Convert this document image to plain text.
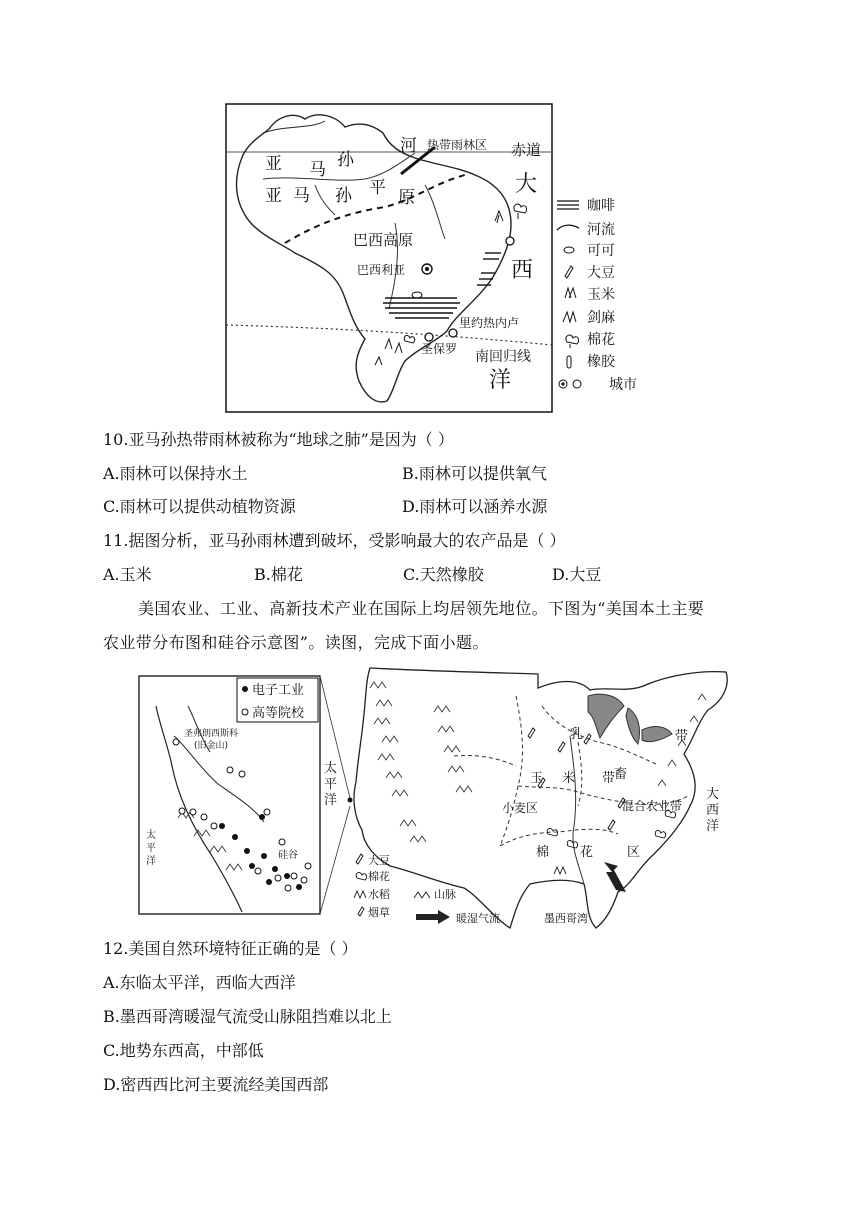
热带雨林区 赤道
亚 马 孙
河
亚 马 孙 平 原
巴西高原
巴西利亚
里约热内卢
圣保罗 南回归线
大
西
洋
咖啡
河流
可可
大豆
玉米
剑麻
棉花
橡胶
城市
10.亚马孙热带雨林被称为“地球之肺”是因为（ ）
A.雨林可以保持水土	B.雨林可以提供氧气
C.雨林可以提供动植物资源	D.雨林可以涵养水源
11.据图分析，亚马孙雨林遭到破坏，受影响最大的农产品是（ ）
A.玉米	B.棉花	C.天然橡胶	D.大豆
美国农业、工业、高新技术产业在国际上均居领先地位。下图为“美国本土主要
农业带分布图和硅谷示意图”。读图，完成下面小题。
电子工业
高等院校
圣弗朗西斯科
(旧金山)
硅谷
太
平
洋
太
平
洋	大
西
洋
乳
畜
带
玉 米 带
小麦区	混合农业带
棉 花	区
墨西哥湾
大豆
棉花
水稻
烟草
山脉
暖湿气流
12.美国自然环境特征正确的是（ ）
A.东临太平洋，西临大西洋
B.墨西哥湾暖湿气流受山脉阻挡难以北上
C.地势东西高，中部低
D.密西西比河主要流经美国西部
